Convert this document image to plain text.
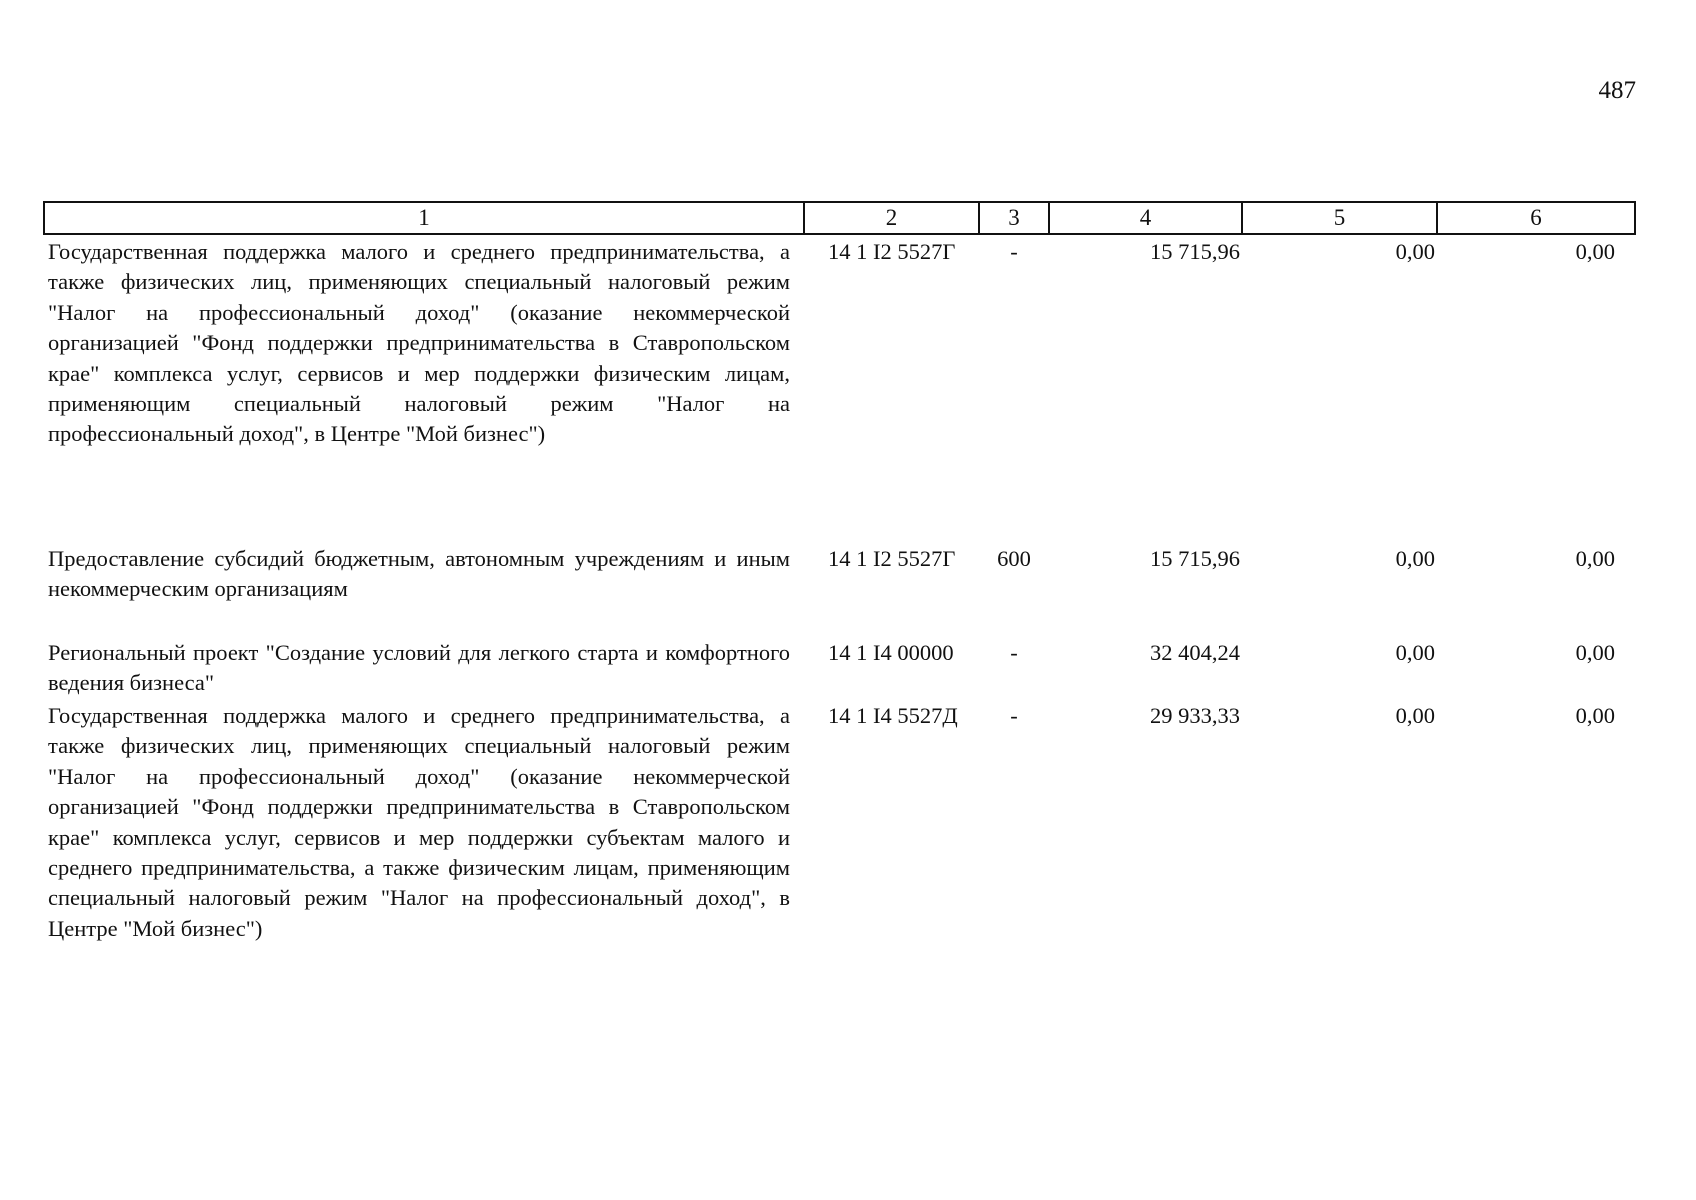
487
1	2	3	4	5	6
Государственная поддержка малого и среднего предпринимательства, а также физических лиц, применяющих специальный налоговый режим "Налог на профессиональный доход" (оказание некоммерческой организацией "Фонд поддержки предпринимательства в Ставропольском крае" комплекса услуг, сервисов и мер поддержки физическим лицам, применяющим специальный налоговый режим "Налог на профессиональный доход", в Центре "Мой бизнес")	14 1 I2 5527Г	-	15 715,96	0,00	0,00
Предоставление субсидий бюджетным, автономным учреждениям и иным некоммерческим организациям	14 1 I2 5527Г	600	15 715,96	0,00	0,00
Региональный проект "Создание условий для легкого старта и комфортного ведения бизнеса"	14 1 I4 00000	-	32 404,24	0,00	0,00
Государственная поддержка малого и среднего предпринимательства, а также физических лиц, применяющих специальный налоговый режим "Налог на профессиональный доход" (оказание некоммерческой организацией "Фонд поддержки предпринимательства в Ставропольском крае" комплекса услуг, сервисов и мер поддержки субъектам малого и среднего предпринимательства, а также физическим лицам, применяющим специальный налоговый режим "Налог на профессиональный доход", в Центре "Мой бизнес")	14 1 I4 5527Д	-	29 933,33	0,00	0,00
